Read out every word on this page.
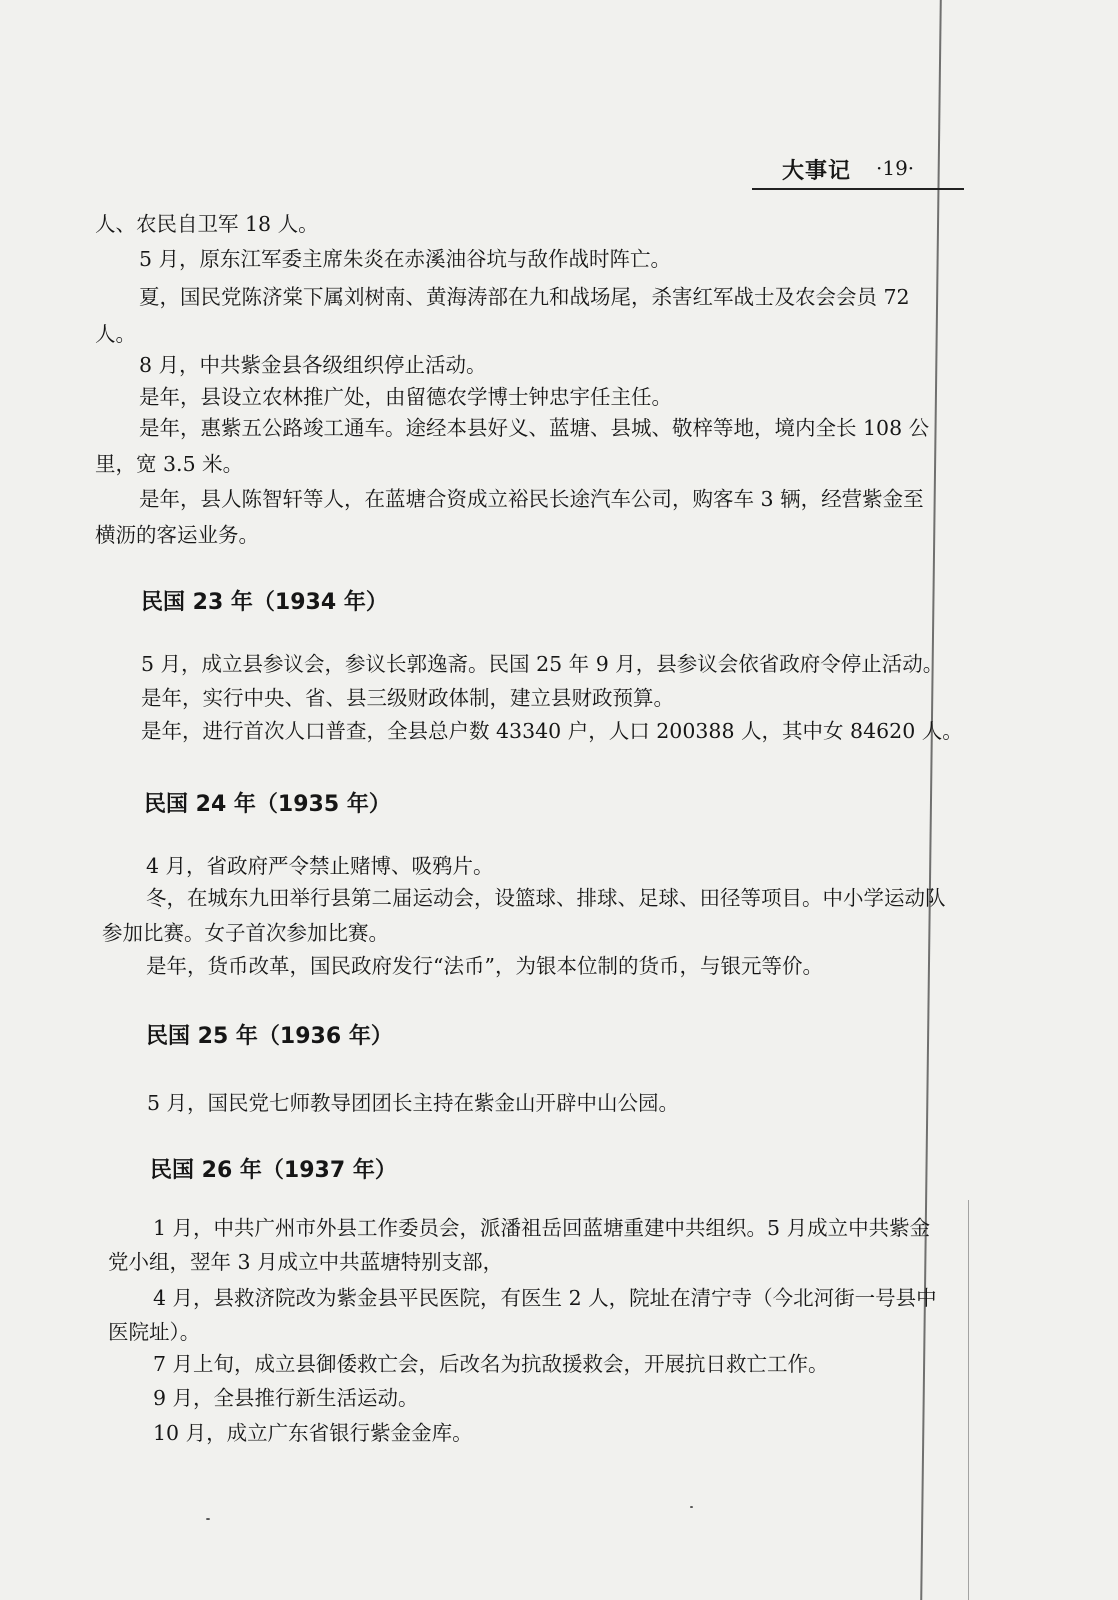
大事记 ·19·
人、农民自卫军 18 人。
5 月，原东江军委主席朱炎在赤溪油谷坑与敌作战时阵亡。
夏，国民党陈济棠下属刘树南、黄海涛部在九和战场尾，杀害红军战士及农会会员 72
人。
8 月，中共紫金县各级组织停止活动。
是年，县设立农林推广处，由留德农学博士钟忠宇任主任。
是年，惠紫五公路竣工通车。途经本县好义、蓝塘、县城、敬梓等地，境内全长 108 公
里，宽 3.5 米。
是年，县人陈智轩等人，在蓝塘合资成立裕民长途汽车公司，购客车 3 辆，经营紫金至
横沥的客运业务。
民国 23 年（1934 年）
5 月，成立县参议会，参议长郭逸斋。民国 25 年 9 月，县参议会依省政府令停止活动。
是年，实行中央、省、县三级财政体制，建立县财政预算。
是年，进行首次人口普查，全县总户数 43340 户，人口 200388 人，其中女 84620 人。
民国 24 年（1935 年）
4 月，省政府严令禁止赌博、吸鸦片。
冬，在城东九田举行县第二届运动会，设篮球、排球、足球、田径等项目。中小学运动队
参加比赛。女子首次参加比赛。
是年，货币改革，国民政府发行“法币”，为银本位制的货币，与银元等价。
民国 25 年（1936 年）
5 月，国民党七师教导团团长主持在紫金山开辟中山公园。
民国 26 年（1937 年）
1 月，中共广州市外县工作委员会，派潘祖岳回蓝塘重建中共组织。5 月成立中共紫金
党小组，翌年 3 月成立中共蓝塘特别支部，
4 月，县救济院改为紫金县平民医院，有医生 2 人，院址在清宁寺（今北河街一号县中
医院址）。
7 月上旬，成立县御倭救亡会，后改名为抗敌援救会，开展抗日救亡工作。
9 月，全县推行新生活运动。
10 月，成立广东省银行紫金金库。
